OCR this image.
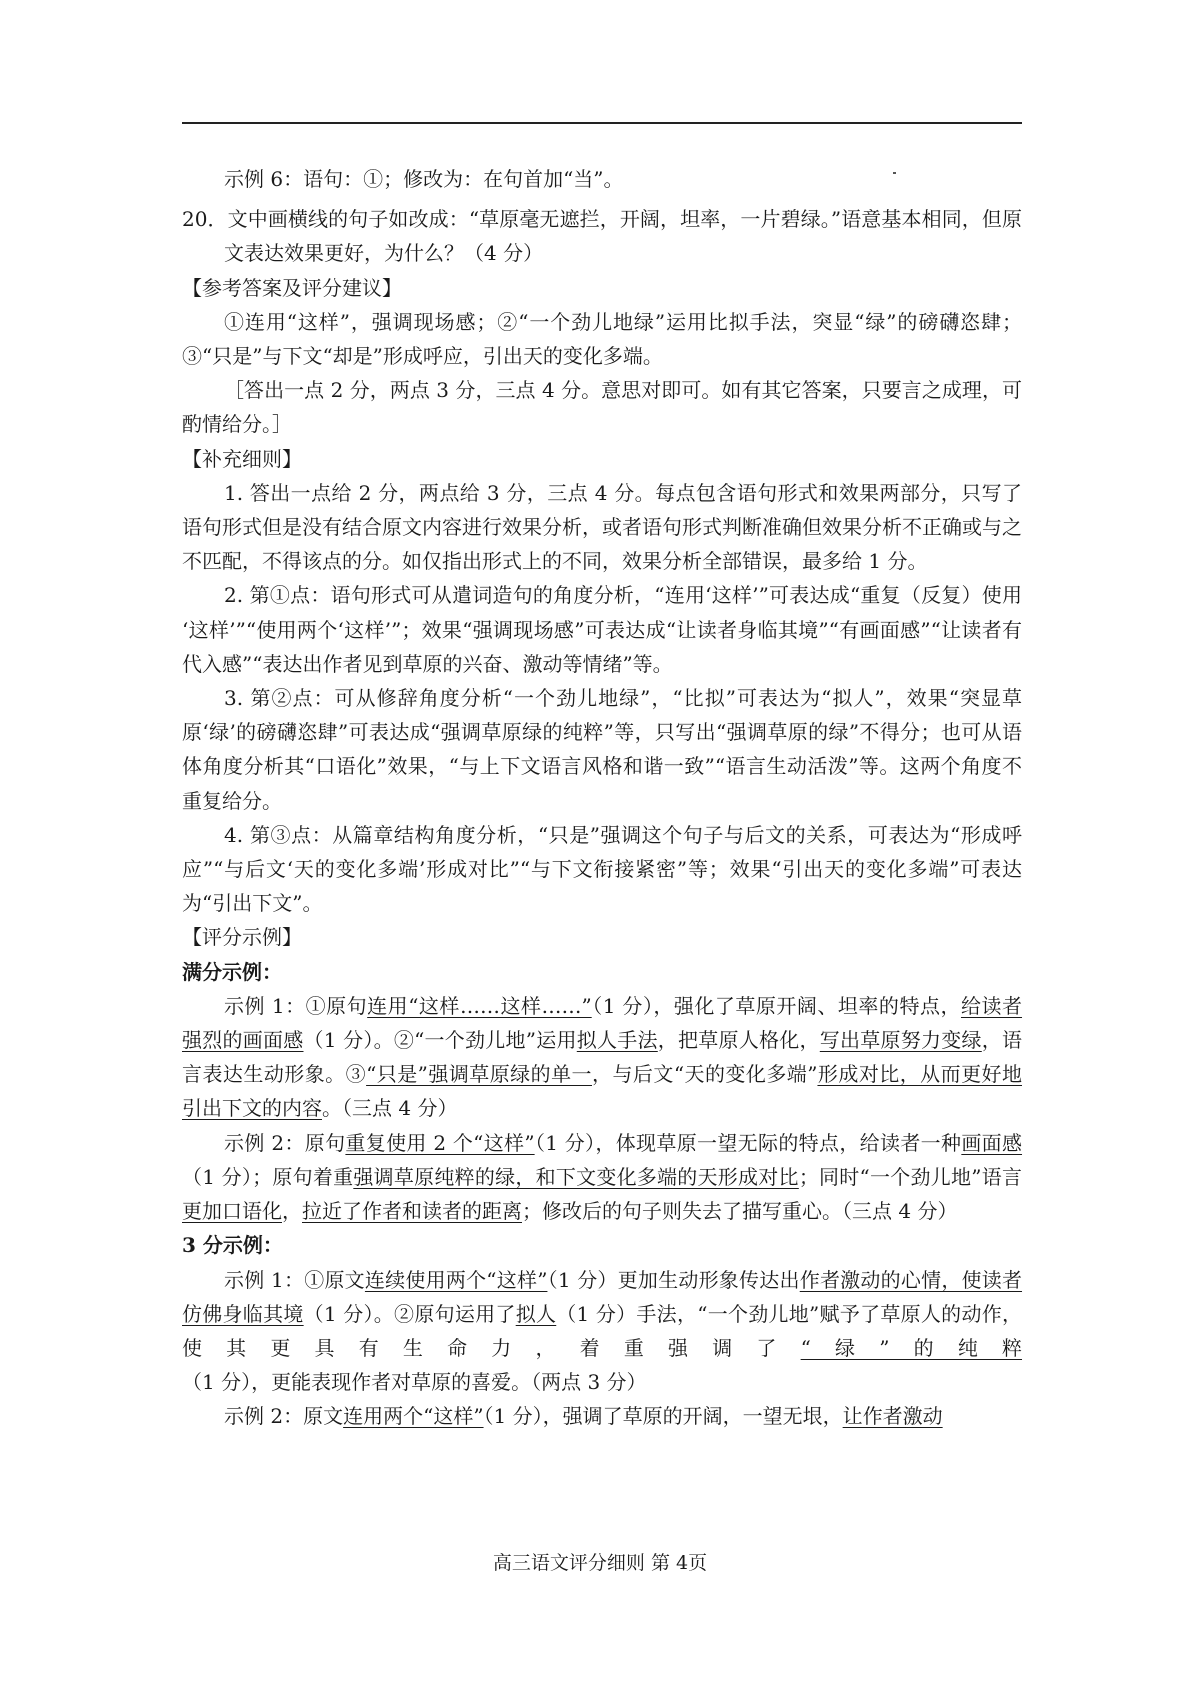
示例 6：语句：①；修改为：在句首加“当”。

20．文中画横线的句子如改成：“草原毫无遮拦，开阔，坦率，一片碧绿。”语意基本相同，但原文表达效果更好，为什么？（4 分）

【参考答案及评分建议】

①连用“这样”，强调现场感；②“一个劲儿地绿”运用比拟手法，突显“绿”的磅礴恣肆；③“只是”与下文“却是”形成呼应，引出天的变化多端。

［答出一点 2 分，两点 3 分，三点 4 分。意思对即可。如有其它答案，只要言之成理，可酌情给分。］

【补充细则】

1. 答出一点给 2 分，两点给 3 分，三点 4 分。每点包含语句形式和效果两部分，只写了语句形式但是没有结合原文内容进行效果分析，或者语句形式判断准确但效果分析不正确或与之不匹配，不得该点的分。如仅指出形式上的不同，效果分析全部错误，最多给 1 分。

2. 第①点：语句形式可从遣词造句的角度分析，“连用‘这样’”可表达成“重复（反复）使用 ‘这样’”“使用两个‘这样’”；效果“强调现场感”可表达成“让读者身临其境”“有画面感”“让读者有代入感”“表达出作者见到草原的兴奋、激动等情绪”等。

3. 第②点：可从修辞角度分析“一个劲儿地绿”，“比拟”可表达为“拟人”，效果“突显草原‘绿’的磅礴恣肆”可表达成“强调草原绿的纯粹”等，只写出“强调草原的绿”不得分；也可从语体角度分析其“口语化”效果，“与上下文语言风格和谐一致”“语言生动活泼”等。这两个角度不重复给分。

4. 第③点：从篇章结构角度分析，“只是”强调这个句子与后文的关系，可表达为“形成呼应”“与后文‘天的变化多端’形成对比”“与下文衔接紧密”等；效果“引出天的变化多端”可表达为“引出下文”。

【评分示例】

满分示例：

示例 1：①原句连用“这样……这样……”（1 分），强化了草原开阔、坦率的特点，给读者强烈的画面感（1 分）。②“一个劲儿地”运用拟人手法，把草原人格化，写出草原努力变绿，语言表达生动形象。③“只是”强调草原绿的单一，与后文“天的变化多端”形成对比，从而更好地引出下文的内容。（三点 4 分）

示例 2：原句重复使用 2 个“这样”（1 分），体现草原一望无际的特点，给读者一种画面感（1 分）；原句着重强调草原纯粹的绿，和下文变化多端的天形成对比；同时“一个劲儿地”语言更加口语化，拉近了作者和读者的距离；修改后的句子则失去了描写重心。（三点 4 分）

3 分示例：

示例 1：①原文连续使用两个“这样”（1 分）更加生动形象传达出作者激动的心情，使读者仿佛身临其境（1 分）。②原句运用了拟人（1 分）手法，“一个劲儿地”赋予了草原人的动作，使其更具有生命力，着重强调了“绿”的纯粹（1 分），更能表现作者对草原的喜爱。（两点 3 分）

示例 2：原文连用两个“这样”（1 分），强调了草原的开阔，一望无垠，让作者激动

高三语文评分细则 第 4页
